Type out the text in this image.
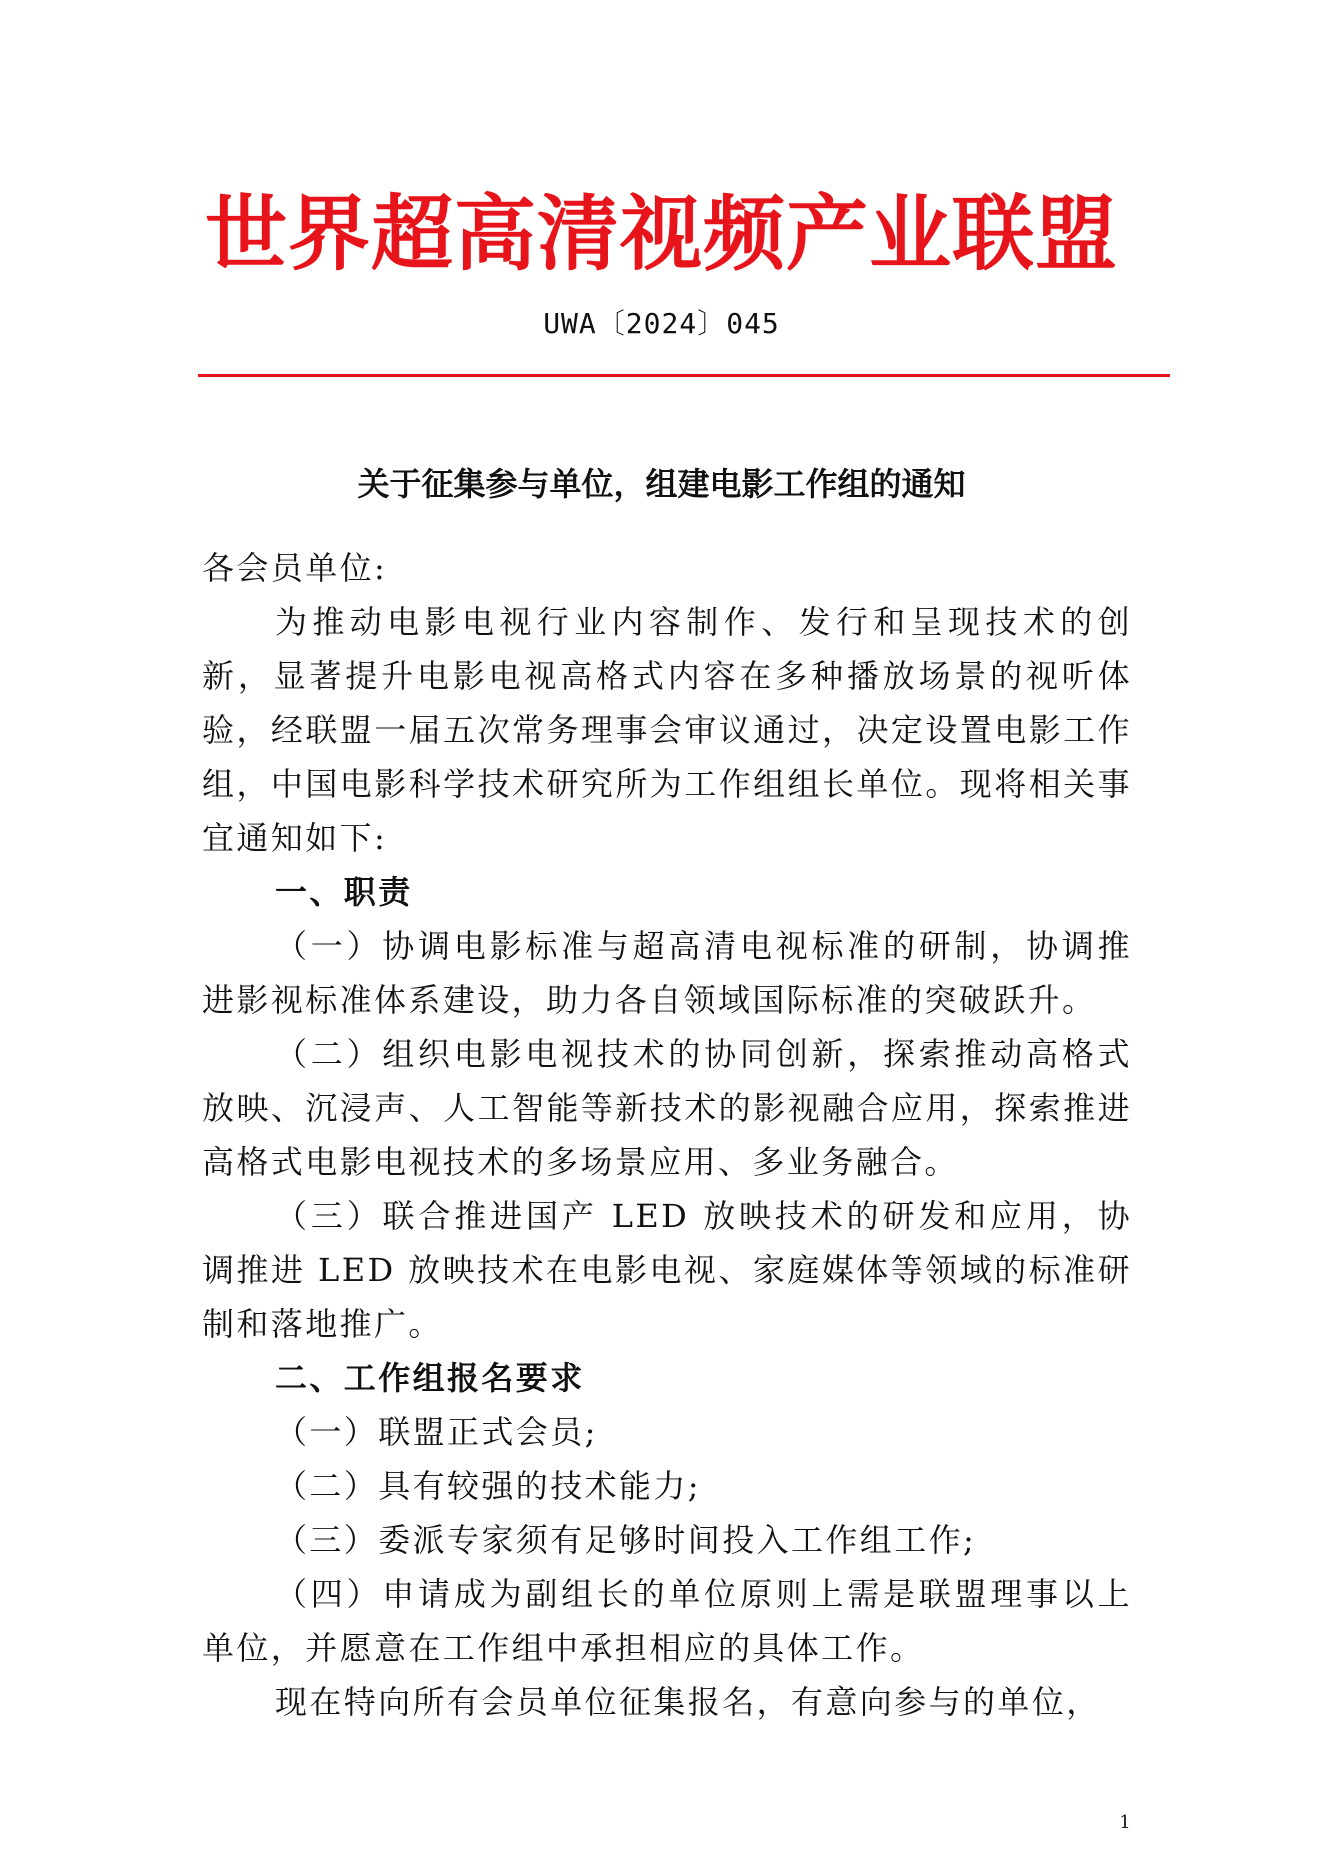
世界超高清视频产业联盟
UWA〔2024〕045
关于征集参与单位，组建电影工作组的通知

各会员单位:

为推动电影电视行业内容制作、发行和呈现技术的创新，显著提升电影电视高格式内容在多种播放场景的视听体验，经联盟一届五次常务理事会审议通过，决定设置电影工作组，中国电影科学技术研究所为工作组组长单位。现将相关事宜通知如下:

一、职责

（一）协调电影标准与超高清电视标准的研制，协调推进影视标准体系建设，助力各自领域国际标准的突破跃升。

（二）组织电影电视技术的协同创新，探索推动高格式放映、沉浸声、人工智能等新技术的影视融合应用，探索推进高格式电影电视技术的多场景应用、多业务融合。

（三）联合推进国产 LED 放映技术的研发和应用，协调推进 LED 放映技术在电影电视、家庭媒体等领域的标准研制和落地推广。

二、工作组报名要求

（一）联盟正式会员;

（二）具有较强的技术能力;

（三）委派专家须有足够时间投入工作组工作;

（四）申请成为副组长的单位原则上需是联盟理事以上单位，并愿意在工作组中承担相应的具体工作。

现在特向所有会员单位征集报名，有意向参与的单位，

1
